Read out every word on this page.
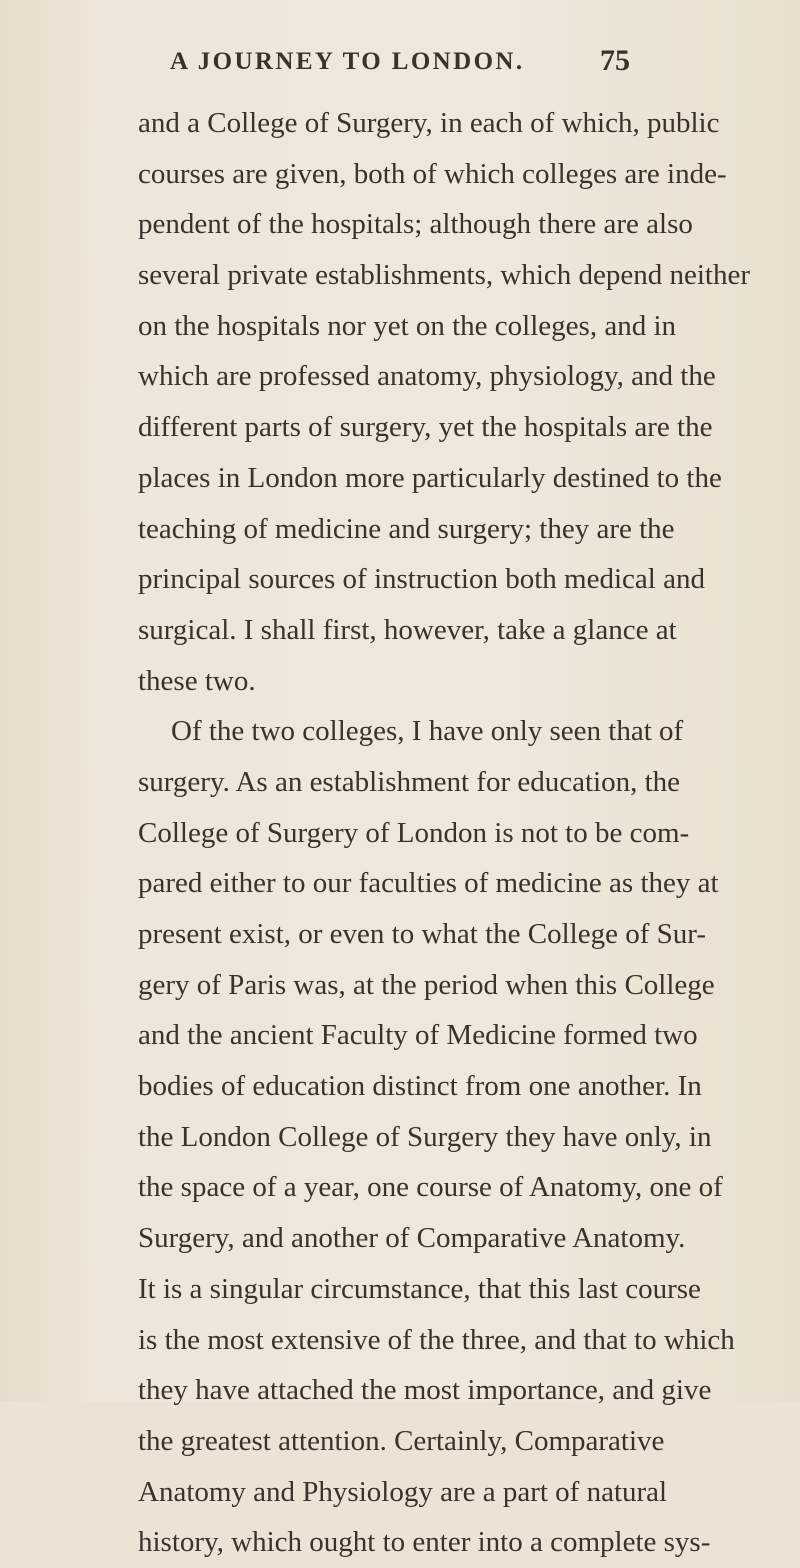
A JOURNEY TO LONDON.	75
and a College of Surgery, in each of which, public
courses are given, both of which colleges are inde-
pendent of the hospitals; although there are also
several private establishments, which depend neither
on the hospitals nor yet on the colleges, and in
which are professed anatomy, physiology, and the
different parts of surgery, yet the hospitals are the
places in London more particularly destined to the
teaching of medicine and surgery; they are the
principal sources of instruction both medical and
surgical. I shall first, however, take a glance at
these two.
Of the two colleges, I have only seen that of
surgery. As an establishment for education, the
College of Surgery of London is not to be com-
pared either to our faculties of medicine as they at
present exist, or even to what the College of Sur-
gery of Paris was, at the period when this College
and the ancient Faculty of Medicine formed two
bodies of education distinct from one another. In
the London College of Surgery they have only, in
the space of a year, one course of Anatomy, one of
Surgery, and another of Comparative Anatomy.
It is a singular circumstance, that this last course
is the most extensive of the three, and that to which
they have attached the most importance, and give
the greatest attention. Certainly, Comparative
Anatomy and Physiology are a part of natural
history, which ought to enter into a complete sys-
